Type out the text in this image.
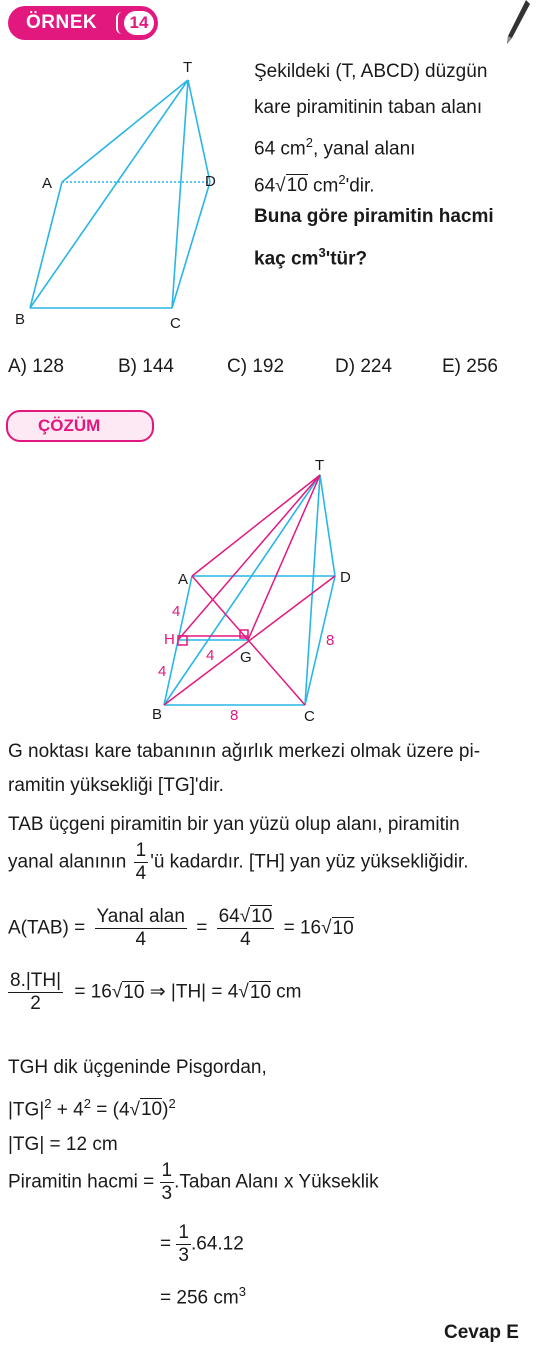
ÖRNEK	14
T
A	D
B	C
Şekildeki (T, ABCD) düzgün
kare piramitinin taban alanı
64 $cm^2$, yanal alanı
64√10 $cm^2'dir$.
Buna göre piramitin hacmi
kaç $cm^3'tür$?
A) 128	B) 144	C) 192	D) 224	E) 256
ÇÖZÜM
T
A	D
B	C
H
G
4
4
4
8
8
G noktası kare tabanının ağırlık merkezi olmak üzere pi-
ramitin yüksekliği [TG]'dir.
TAB üçgeni piramitin bir yan yüzü olup alanı, piramitin
yanal alanının $\frac{1}{4}$ 'ü kadardır. [TH] yan yüz yüksekliğidir.
$A(TAB) = \frac{\text{Yanal alan}}{4} = \frac{64√10}{4} = 16√10$
$\frac{8.|TH|}{2} = 16√10$ ⇒ |TH| = 4√10 cm
TGH dik üçgeninde Pisgordan,
$|TG|^2 + 4^2 = (4√10)^2$
|TG| = 12 cm
Piramitin hacmi = $\frac{1}{3}$ .Taban Alanı x Yükseklik
= $\frac{1}{3} .64.12$
= 256 $cm^3$
Cevap E
